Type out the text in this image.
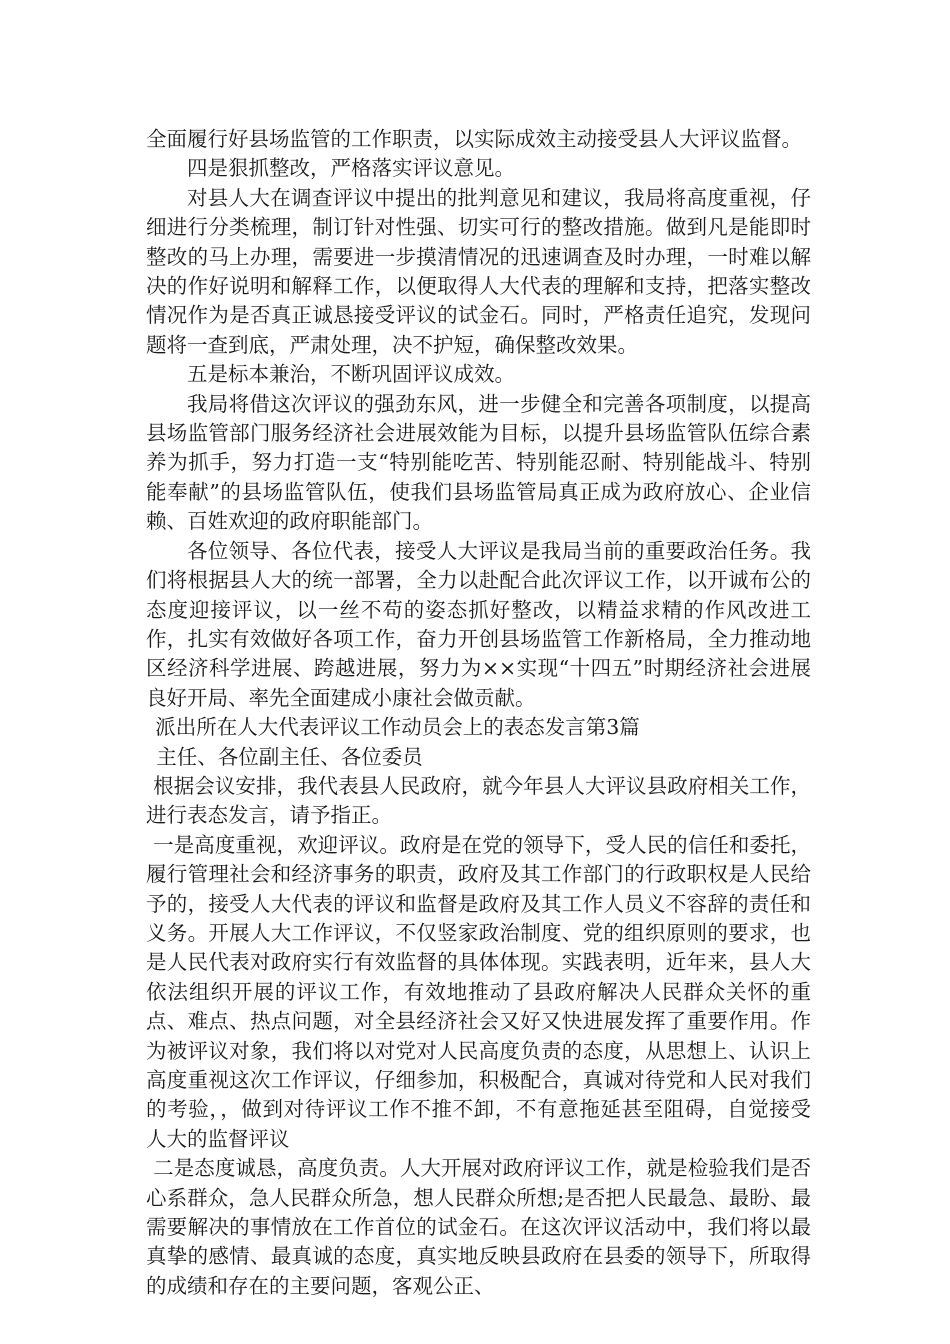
全面履行好县场监管的工作职责，以实际成效主动接受县人大评议监督。

四是狠抓整改，严格落实评议意见。

对县人大在调查评议中提出的批判意见和建议，我局将高度重视，仔细进行分类梳理，制订针对性强、切实可行的整改措施。做到凡是能即时整改的马上办理，需要进一步摸清情况的迅速调查及时办理，一时难以解决的作好说明和解释工作，以便取得人大代表的理解和支持，把落实整改情况作为是否真正诚恳接受评议的试金石。同时，严格责任追究，发现问题将一查到底，严肃处理，决不护短，确保整改效果。

五是标本兼治，不断巩固评议成效。

我局将借这次评议的强劲东风，进一步健全和完善各项制度，以提高县场监管部门服务经济社会进展效能为目标，以提升县场监管队伍综合素养为抓手，努力打造一支“特别能吃苦、特别能忍耐、特别能战斗、特别能奉献”的县场监管队伍，使我们县场监管局真正成为政府放心、企业信赖、百姓欢迎的政府职能部门。

各位领导、各位代表，接受人大评议是我局当前的重要政治任务。我们将根据县人大的统一部署，全力以赴配合此次评议工作，以开诚布公的态度迎接评议，以一丝不苟的姿态抓好整改，以精益求精的作风改进工作，扎实有效做好各项工作，奋力开创县场监管工作新格局，全力推动地区经济科学进展、跨越进展，努力为××实现“十四五”时期经济社会进展良好开局、率先全面建成小康社会做贡献。

派出所在人大代表评议工作动员会上的表态发言第3篇

主任、各位副主任、各位委员

根据会议安排，我代表县人民政府，就今年县人大评议县政府相关工作，进行表态发言，请予指正。

一是高度重视，欢迎评议。政府是在党的领导下，受人民的信任和委托，履行管理社会和经济事务的职责，政府及其工作部门的行政职权是人民给予的，接受人大代表的评议和监督是政府及其工作人员义不容辞的责任和义务。开展人大工作评议，不仅竖家政治制度、党的组织原则的要求，也是人民代表对政府实行有效监督的具体体现。实践表明，近年来，县人大依法组织开展的评议工作，有效地推动了县政府解决人民群众关怀的重点、难点、热点问题，对全县经济社会又好又快进展发挥了重要作用。作为被评议对象，我们将以对党对人民高度负责的态度，从思想上、认识上高度重视这次工作评议，仔细参加，积极配合，真诚对待党和人民对我们的考验，，做到对待评议工作不推不卸，不有意拖延甚至阻碍，自觉接受人大的监督评议

二是态度诚恳，高度负责。人大开展对政府评议工作，就是检验我们是否心系群众，急人民群众所急，想人民群众所想;是否把人民最急、最盼、最需要解决的事情放在工作首位的试金石。在这次评议活动中，我们将以最真挚的感情、最真诚的态度，真实地反映县政府在县委的领导下，所取得的成绩和存在的主要问题，客观公正、
